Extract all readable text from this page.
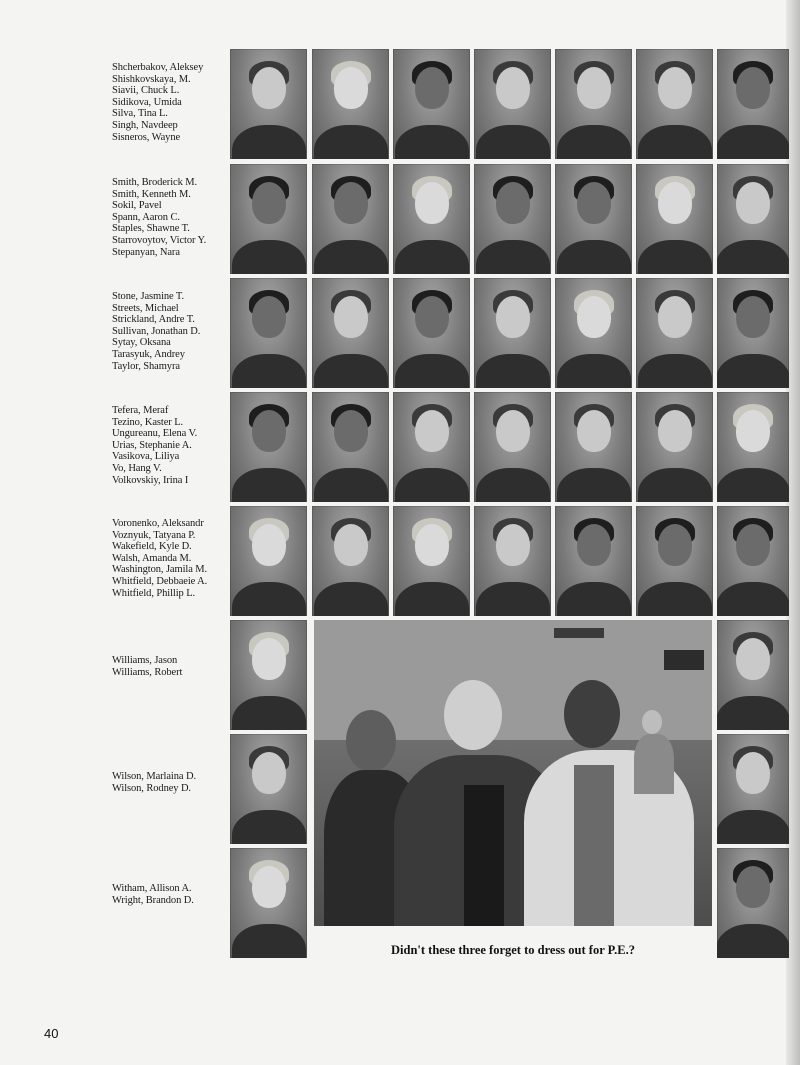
Shcherbakov, Aleksey
Shishkovskaya, M.
Siavii, Chuck L.
Sidikova, Umida
Silva, Tina L.
Singh, Navdeep
Sisneros, Wayne
Smith, Broderick M.
Smith, Kenneth M.
Sokil, Pavel
Spann, Aaron C.
Staples, Shawne T.
Starrovoytov, Victor Y.
Stepanyan, Nara
Stone, Jasmine T.
Streets, Michael
Strickland, Andre T.
Sullivan, Jonathan D.
Sytay, Oksana
Tarasyuk, Andrey
Taylor, Shamyra
Tefera, Meraf
Tezino, Kaster L.
Ungureanu, Elena V.
Urias, Stephanie A.
Vasikova, Liliya
Vo, Hang V.
Volkovskiy, Irina I
Voronenko, Aleksandr
Voznyuk, Tatyana P.
Wakefield, Kyle D.
Walsh, Amanda M.
Washington, Jamila M.
Whitfield, Debbaeie A.
Whitfield, Phillip L.
Williams, Jason
Williams, Robert
Wilson, Marlaina D.
Wilson, Rodney D.
Witham, Allison A.
Wright, Brandon D.
Didn't these three forget to dress out for P.E.?
40
